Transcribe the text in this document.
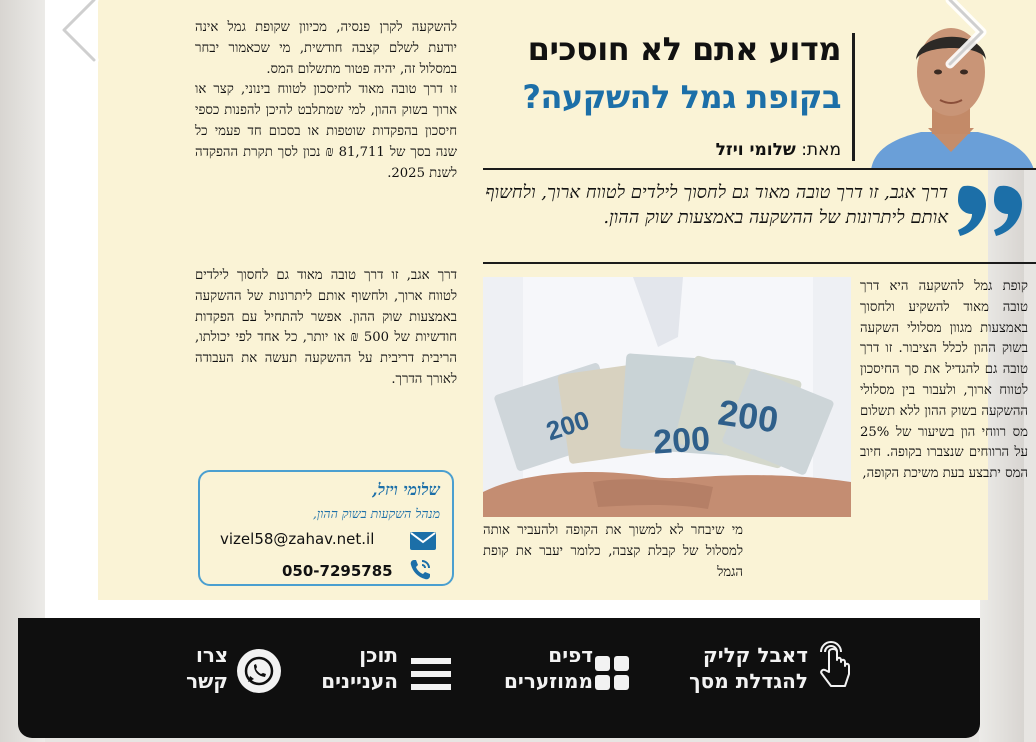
להשקעה לקרן פנסיה, מכיוון שקופת גמל אינה יודעת לשלם קצבה חודשית, מי שכאמור יבחר במסלול זה, יהיה פטור מתשלום המס.
זו דרך טובה מאוד לחיסכון לטווח בינוני, קצר או ארוך בשוק ההון, למי שמתלבט להיכן להפנות כספי חיסכון בהפקדות שוטפות או בסכום חד פעמי כל שנה בסך של 81,711 ₪ נכון לסך תקרת ההפקדה לשנת 2025.
דרך אגב, זו דרך טובה מאוד גם לחסוך לילדים לטווח ארוך, ולחשוף אותם ליתרונות של ההשקעה באמצעות שוק ההון. אפשר להתחיל עם הפקדות חודשיות של 500 ₪ או יותר, כל אחד לפי יכולתו, הריבית דריבית על ההשקעה תעשה את העבודה לאורך הדרך.
שלומי ויזל,
מנהל השקעות בשוק ההון,
vizel58@zahav.net.il
050-7295785
מדוע אתם לא חוסכים
בקופת גמל להשקעה?
מאת: שלומי ויזל
דרך אגב, זו דרך טובה מאוד גם לחסוך לילדים לטווח ארוך, ולחשוף אותם ליתרונות של ההשקעה באמצעות שוק ההון.
200 200
200
קופת גמל להשקעה היא דרך טובה מאוד להשקיע ולחסוך באמצעות מגוון מסלולי השקעה בשוק ההון לכלל הציבור. זו דרך טובה גם להגדיל את סך החיסכון לטווח ארוך, ולעבור בין מסלולי ההשקעה בשוק ההון ללא תשלום מס רווחי הון בשיעור של 25% על הרווחים שנצברו בקופה. חיוב המס יתבצע בעת משיכת הקופה,
מי שיבחר לא למשוך את הקופה ולהעביר אותה למסלול של קבלת קצבה, כלומר יעבר את קופת הגמל
דאבל קליק
להגדלת מסך
דפים
ממוזערים
תוכן
העניינים
צרו
קשר
